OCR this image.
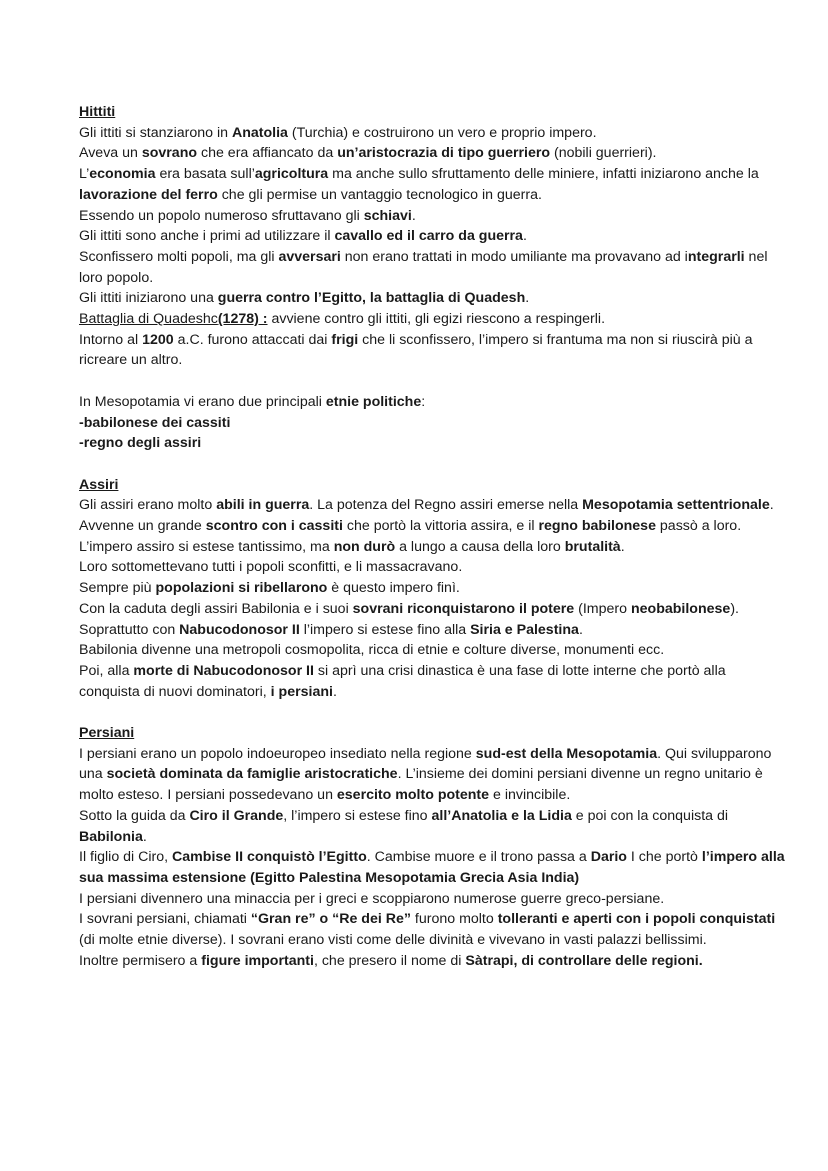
Hittiti
Gli ittiti si stanziarono in Anatolia (Turchia) e costruirono un vero e proprio impero.
Aveva un sovrano che era affiancato da un’aristocrazia di tipo guerriero (nobili guerrieri).
L’economia era basata sull’agricoltura ma anche sullo sfruttamento delle miniere, infatti iniziarono anche la lavorazione del ferro che gli permise un vantaggio tecnologico in guerra.
Essendo un popolo numeroso sfruttavano gli schiavi.
Gli ittiti sono anche i primi ad utilizzare il cavallo ed il carro da guerra.
Sconfissero molti popoli, ma gli avversari non erano trattati in modo umiliante ma provavano ad integrarli nel loro popolo.
Gli ittiti iniziarono una guerra contro l’Egitto, la battaglia di Quadesh.
Battaglia di Quadeshc(1278) : avviene contro gli ittiti, gli egizi riescono a respingerli.
Intorno al 1200 a.C. furono attaccati dai frigi che li sconfissero, l’impero si frantuma ma non si riuscirà più a ricreare un altro.
In Mesopotamia vi erano due principali etnie politiche:
-babilonese dei cassiti
-regno degli assiri
Assiri
Gli assiri erano molto abili in guerra. La potenza del Regno assiri emerse nella Mesopotamia settentrionale.
Avvenne un grande scontro con i cassiti che portò la vittoria assira, e il regno babilonese passò a loro.
L’impero assiro si estese tantissimo, ma non durò a lungo a causa della loro brutalità.
Loro sottomettevano tutti i popoli sconfitti, e li massacravano.
Sempre più popolazioni si ribellarono è questo impero finì.
Con la caduta degli assiri Babilonia e i suoi sovrani riconquistarono il potere (Impero neobabilonese).
Soprattutto con Nabucodonosor II l’impero si estese fino alla Siria e Palestina.
Babilonia divenne una metropoli cosmopolita, ricca di etnie e colture diverse, monumenti ecc.
Poi, alla morte di Nabucodonosor II si aprì una crisi dinastica è una fase di lotte interne che portò alla conquista di nuovi dominatori, i persiani.
Persiani
I persiani erano un popolo indoeuropeo insediato nella regione sud-est della Mesopotamia. Qui svilupparono una società dominata da famiglie aristocratiche. L’insieme dei domini persiani divenne un regno unitario è molto esteso. I persiani possedevano un esercito molto potente e invincibile.
Sotto la guida da Ciro il Grande, l’impero si estese fino all’Anatolia e la Lidia e poi con la conquista di Babilonia.
Il figlio di Ciro, Cambise II conquistò l’Egitto. Cambise muore e il trono passa a Dario I che portò l’impero alla sua massima estensione (Egitto Palestina Mesopotamia Grecia Asia India)
I persiani divennero una minaccia per i greci e scoppiarono numerose guerre greco-persiane.
I sovrani persiani, chiamati “Gran re” o “Re dei Re” furono molto tolleranti e aperti con i popoli conquistati (di molte etnie diverse). I sovrani erano visti come delle divinità e vivevano in vasti palazzi bellissimi.
Inoltre permisero a figure importanti, che presero il nome di Sàtrapi, di controllare delle regioni.
